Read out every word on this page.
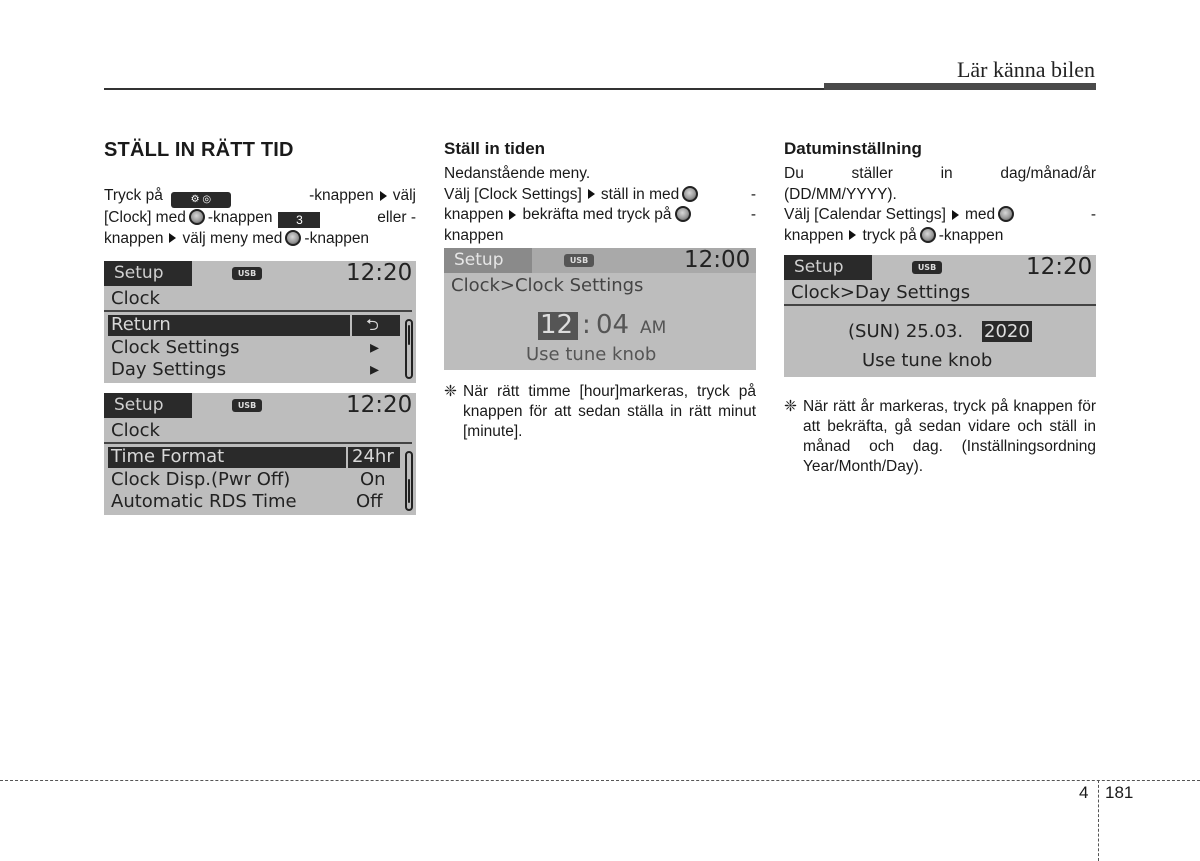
Lär känna bilen
STÄLL IN RÄTT TID
Tryck på	⚙ ◎	-knappen välj
[Clock] med -knappen 3	eller -
knappen välj meny med -knappen
Setup	USB	12:20
Clock
Return	⮌
Clock Settings	▸
Day Settings	▸
Setup	USB	12:20
Clock
Time Format	24hr
Clock Disp.(Pwr Off)	On
Automatic RDS Time	Off
Ställ in tiden
Nedanstående meny.
Välj [Clock Settings] ställ in med	-
knappen bekräfta med tryck på	-
knappen
Setup	USB	12:00
Clock>Clock Settings
12 : 04 AM
Use tune knob
❈ När rätt timme [hour]markeras, tryck på knappen för att sedan ställa in rätt minut [minute].
Datuminställning
Du	ställer	in	dag/månad/år
(DD/MM/YYYY).
Välj [Calendar Settings] med	-
knappen tryck på -knappen
Setup	USB	12:20
Clock>Day Settings
(SUN) 25.03. 2020
Use tune knob
❈ När rätt år markeras, tryck på knappen för att bekräfta, gå sedan vidare och ställ in månad och dag. (Inställningsordning Year/Month/Day).
4 181
